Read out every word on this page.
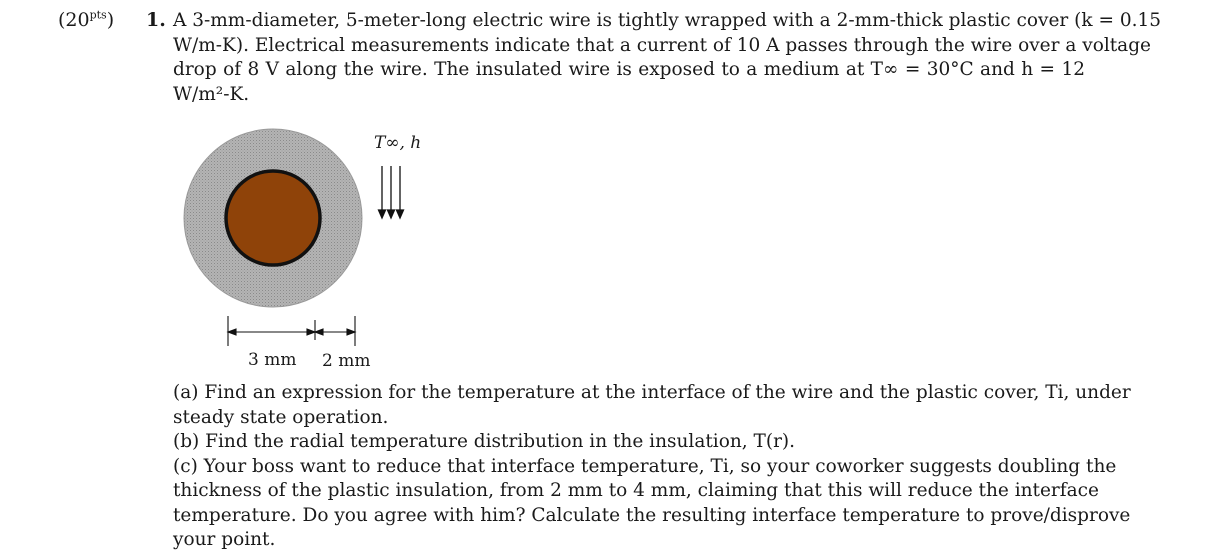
$(20^{pts})$ 1. A 3-mm-diameter, 5-meter-long electric wire is tightly wrapped with a 2-mm-thick plastic cover (k = 0.15
W/m-K). Electrical measurements indicate that a current of 10 A passes through the wire over a voltage
drop of 8 V along the wire. The insulated wire is exposed to a medium at T∞ = 30°C and h = 12
W/m²-K.
T∞, h
3 mm 2 mm
(a) Find an expression for the temperature at the interface of the wire and the plastic cover, Ti, under
steady state operation.
(b) Find the radial temperature distribution in the insulation, T(r).
(c) Your boss want to reduce that interface temperature, Ti, so your coworker suggests doubling the
thickness of the plastic insulation, from 2 mm to 4 mm, claiming that this will reduce the interface
temperature. Do you agree with him? Calculate the resulting interface temperature to prove/disprove
your point.
